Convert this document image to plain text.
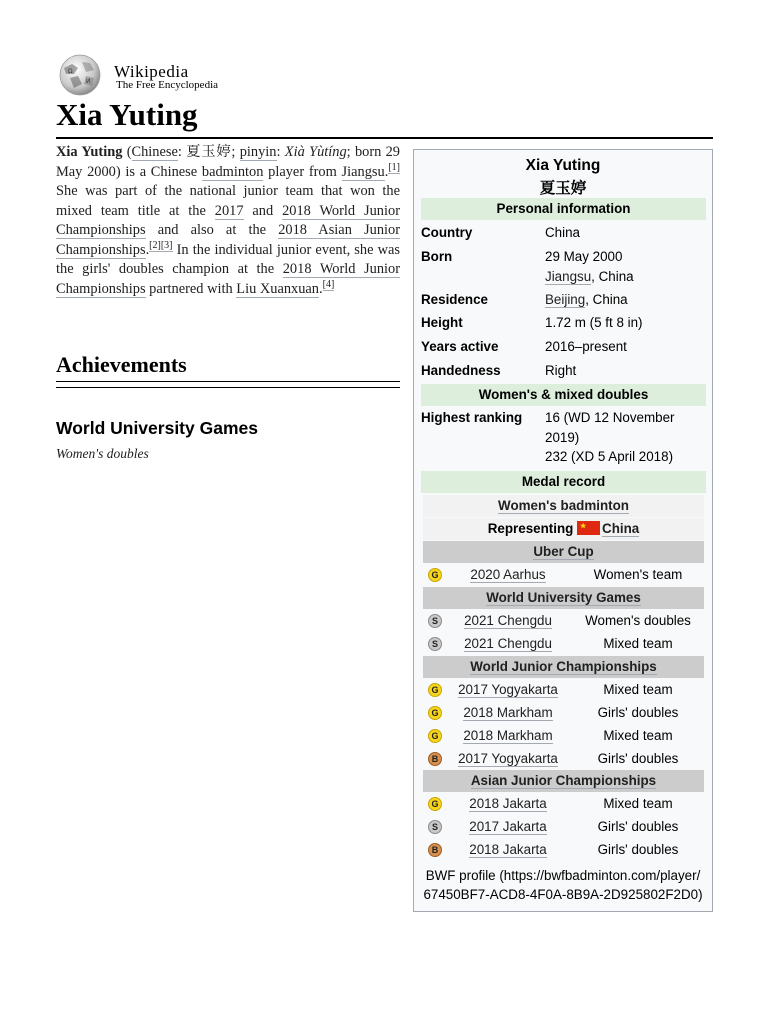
Ω
И
Wikipedia
The Free Encyclopedia
Xia Yuting
Xia Yuting (Chinese: 夏玉婷; pinyin: Xià Yùtíng; born 29 May 2000) is a Chinese badminton player from Jiangsu.[1] She was part of the national junior team that won the mixed team title at the 2017 and 2018 World Junior Championships and also at the 2018 Asian Junior Championships.[2][3] In the individual junior event, she was the girls' doubles champion at the 2018 World Junior Championships partnered with Liu Xuanxuan.[4]
Achievements
World University Games
Women's doubles
Xia Yuting
夏玉婷
Personal information
Country	China
Born	29 May 2000
Jiangsu, China
Residence	Beijing, China
Height	1.72 m (5 ft 8 in)
Years active	2016–present
Handedness	Right
Women's & mixed doubles
Highest ranking 16 (WD 12 November 2019)
232 (XD 5 April 2018)
Medal record
Women's badminton
Representing ★ China
Uber Cup
G	2020 Aarhus	Women's team
World University Games
S	2021 Chengdu	Women's doubles
S	2021 Chengdu	Mixed team
World Junior Championships
G	2017 Yogyakarta	Mixed team
G	2018 Markham	Girls' doubles
G	2018 Markham	Mixed team
B	2017 Yogyakarta	Girls' doubles
Asian Junior Championships
G	2018 Jakarta	Mixed team
S	2017 Jakarta	Girls' doubles
B	2018 Jakarta	Girls' doubles
BWF profile (https://bwfbadminton.com/player/
67450BF7-ACD8-4F0A-8B9A-2D925802F2D0)
